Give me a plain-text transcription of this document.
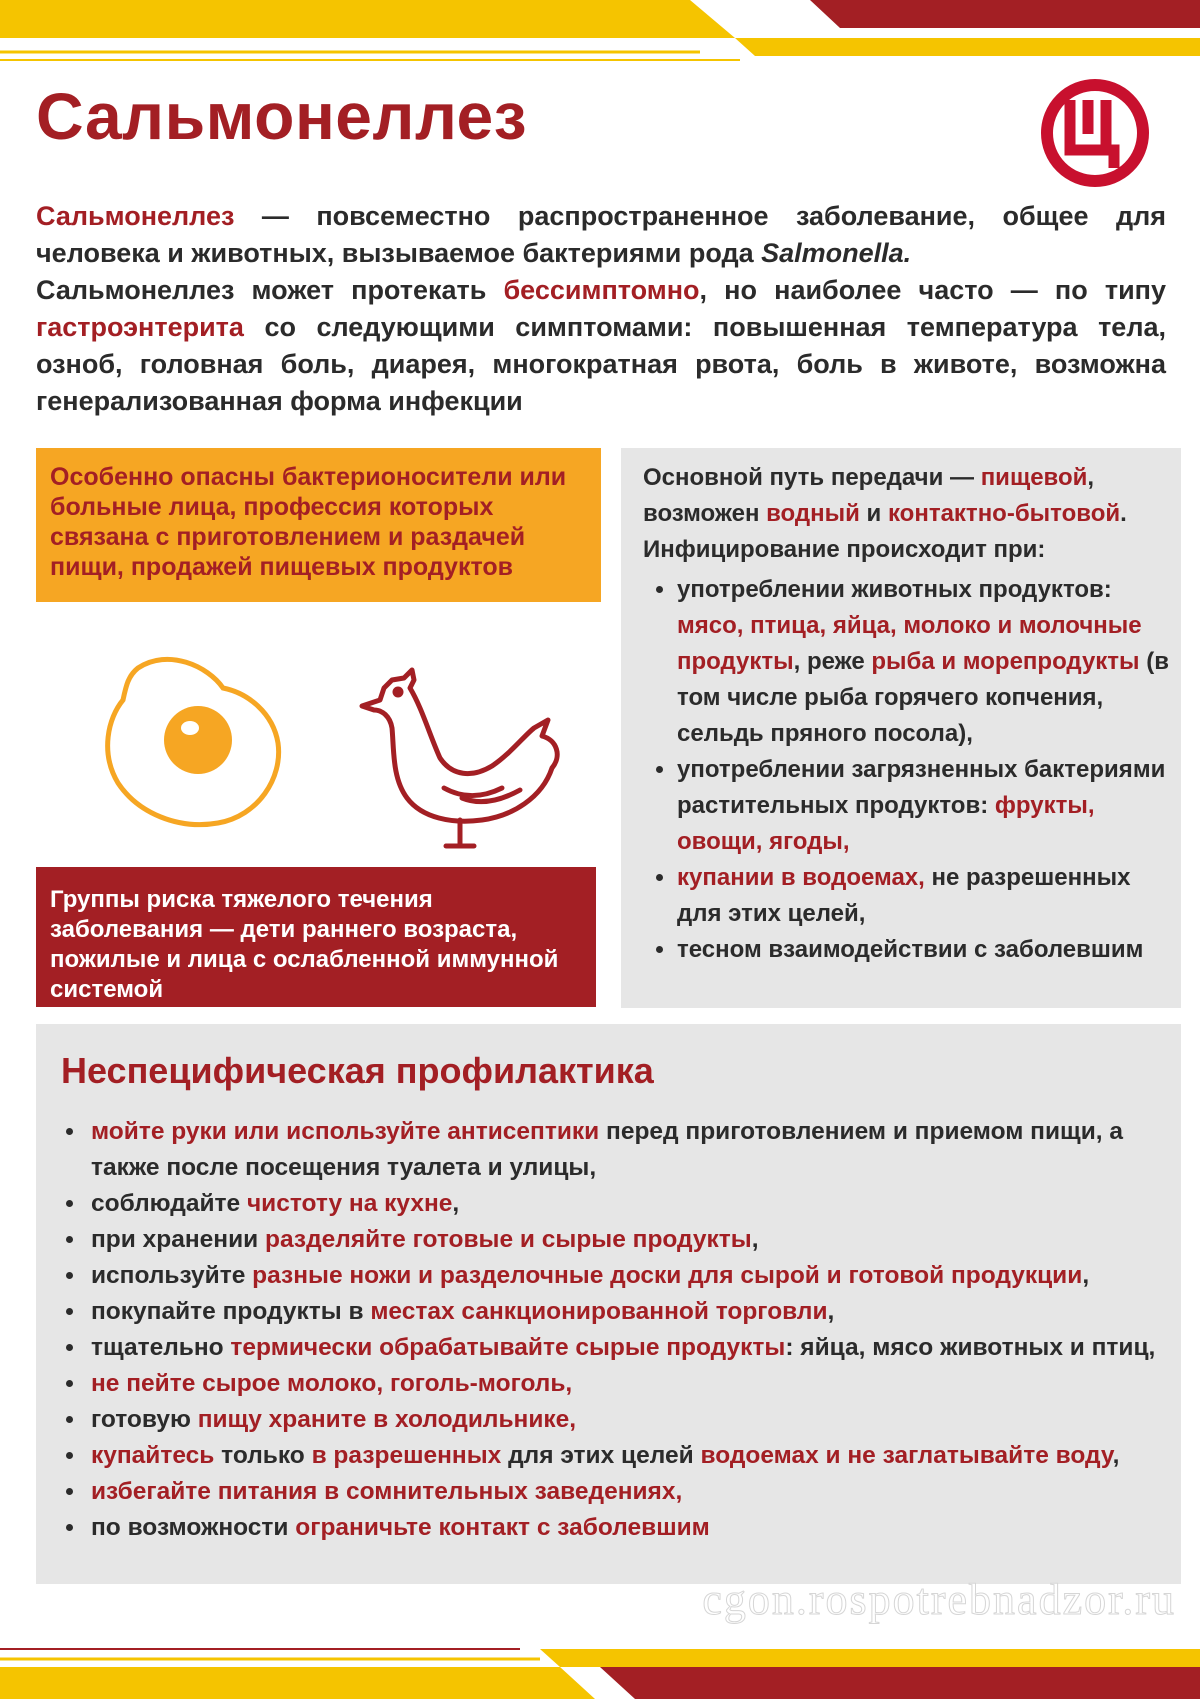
Сальмонеллез

Сальмонеллез — повсеместно распространенное заболевание, общее для человека и животных, вызываемое бактериями рода Salmonella.

Сальмонеллез может протекать бессимптомно, но наиболее часто — по типу гастроэнтерита со следующими симптомами: повышенная температура тела, озноб, головная боль, диарея, многократная рвота, боль в животе, возможна генерализованная форма инфекции

Особенно опасны бактерионосители или больные лица, профессия которых связана с приготовлением и раздачей пищи, продажей пищевых продуктов

Группы риска тяжелого течения заболевания — дети раннего возраста, пожилые и лица с ослабленной иммунной системой

Основной путь передачи — пищевой, возможен водный и контактно-бытовой.

Инфицирование происходит при:

• употреблении животных продуктов: мясо, птица, яйца, молоко и молочные продукты, реже рыба и морепродукты (в том числе рыба горячего копчения, сельдь пряного посола),
• употреблении загрязненных бактериями растительных продуктов: фрукты, овощи, ягоды,
• купании в водоемах, не разрешенных для этих целей,
• тесном взаимодействии с заболевшим
Неспецифическая профилактика
• мойте руки или используйте антисептики перед приготовлением и приемом пищи, а также после посещения туалета и улицы,
• соблюдайте чистоту на кухне,
• при хранении разделяйте готовые и сырые продукты,
• используйте разные ножи и разделочные доски для сырой и готовой продукции,
• покупайте продукты в местах санкционированной торговли,
• тщательно термически обрабатывайте сырые продукты: яйца, мясо животных и птиц,
• не пейте сырое молоко, гоголь-моголь,
• готовую пищу храните в холодильнике,
• купайтесь только в разрешенных для этих целей водоемах и не заглатывайте воду,
• избегайте питания в сомнительных заведениях,
• по возможности ограничьте контакт с заболевшим
cgon.rospotrebnadzor.ru
